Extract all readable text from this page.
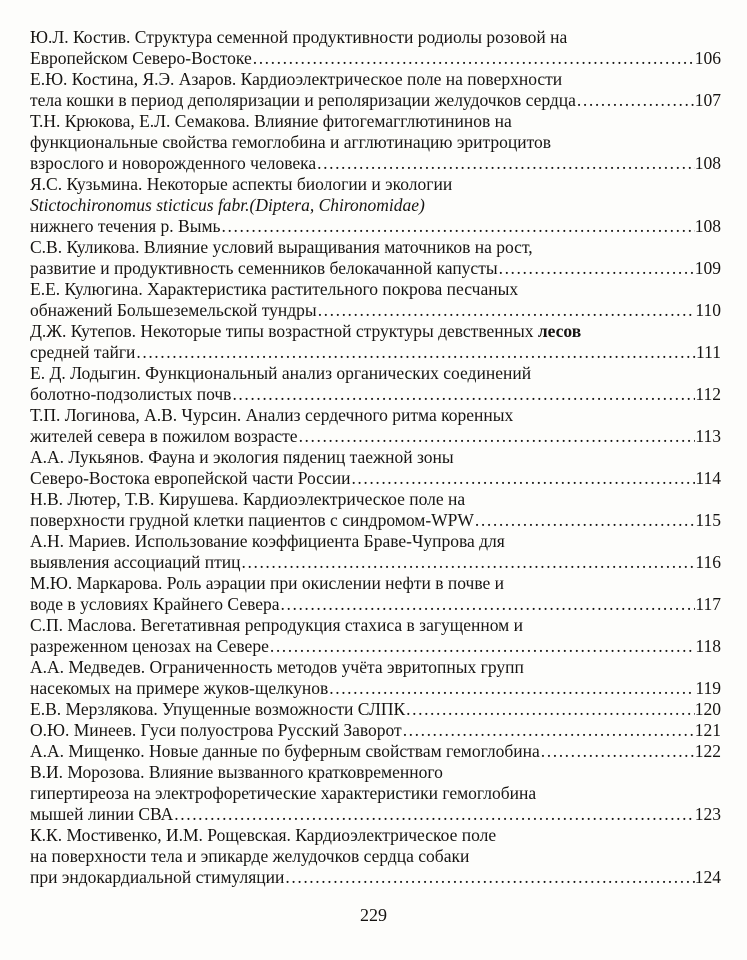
Ю.Л. Костив. Структура семенной продуктивности родиолы розовой на
Европейском Северо-Востоке .....	106
Е.Ю. Костина, Я.Э. Азаров. Кардиоэлектрическое поле на поверхности
тела кошки в период деполяризации и реполяризации желудочков сердца .....	107
Т.Н. Крюкова, Е.Л. Семакова. Влияние фитогемагглютининов на
функциональные свойства гемоглобина и агглютинацию эритроцитов
взрослого и новорожденного человека .....	108
Я.С. Кузьмина. Некоторые аспекты биологии и экологии
Stictochironomus sticticus fabr.(Diptera, Chironomidae)
нижнего течения р. Вымь .....	108
С.В. Куликова. Влияние условий выращивания маточников на рост,
развитие и продуктивность семенников белокачанной капусты .....	109
Е.Е. Кулюгина. Характеристика растительного покрова песчаных
обнажений Большеземельской тундры .....	110
Д.Ж. Кутепов. Некоторые типы возрастной структуры девственных лесов
средней тайги .....	111
Е. Д. Лодыгин. Функциональный анализ органических соединений
болотно-подзолистых почв .....	112
Т.П. Логинова, А.В. Чурсин. Анализ сердечного ритма коренных
жителей севера в пожилом возрасте .....	113
А.А. Лукьянов. Фауна и экология пядениц таежной зоны
Северо-Востока европейской части России .....	114
Н.В. Лютер, Т.В. Кирушева. Кардиоэлектрическое поле на
поверхности грудной клетки пациентов с синдромом-WPW .....	115
А.Н. Мариев. Использование коэффициента Браве-Чупрова для
выявления ассоциаций птиц .....	116
М.Ю. Маркарова. Роль аэрации при окислении нефти в почве и
воде в условиях Крайнего Севера .....	117
С.П. Маслова. Вегетативная репродукция стахиса в загущенном и
разреженном ценозах на Севере .....	118
А.А. Медведев. Ограниченность методов учёта эвритопных групп
насекомых на примере жуков-щелкунов .....	119
Е.В. Мерзлякова. Упущенные возможности СЛПК .....	120
О.Ю. Минеев. Гуси полуострова Русский Заворот .....	121
А.А. Мищенко. Новые данные по буферным свойствам гемоглобина .....	122
В.И. Морозова. Влияние вызванного кратковременного
гипертиреоза на электрофоретические характеристики гемоглобина
мышей линии СВА .....	123
К.К. Мостивенко, И.М. Рощевская. Кардиоэлектрическое поле
на поверхности тела и эпикарде желудочков сердца собаки
при эндокардиальной стимуляции .....	124
229
